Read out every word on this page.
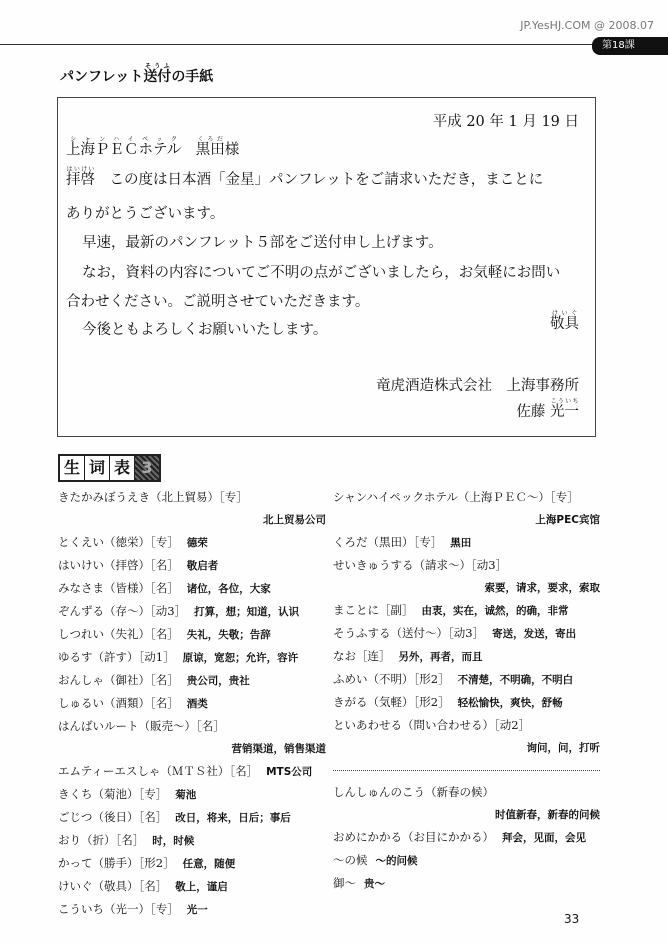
JP.YesHJ.COM @ 2008.07
第18課
パンフレット送付そうふの手紙
平成 20 年 1 月 19 日
上海ＰＥＣホテルシャンハイペック　黒田くろだ様
拝啓はいけい　この度は日本酒「金星」パンフレットをご請求いただき，まことに
ありがとうございます。
早速，最新のパンフレット５部をご送付申し上げます。
なお，資料の内容についてご不明の点がございましたら，お気軽にお問い
合わせください。ご説明させていただきます。
今後ともよろしくお願いいたします。	敬具けいぐ
竜虎酒造株式会社　上海事務所
佐藤 光一こういち
生 词 表 3
きたかみぼうえき（北上貿易）［专］
北上贸易公司
とくえい（徳栄）［专］ 德荣
はいけい（拝啓）［名］ 敬启者
みなさま（皆様）［名］ 诸位，各位，大家
ぞんずる（存～）［动3］ 打算，想；知道，认识
しつれい（失礼）［名］ 失礼，失敬；告辞
ゆるす（許す）［动1］ 原谅，宽恕；允许，容许
おんしゃ（御社）［名］ 贵公司，贵社
しゅるい（酒類）［名］ 酒类
はんばいルート（販売～）［名］
营销渠道，销售渠道
エムティーエスしゃ（ＭＴＳ社）［名］ MTS公司
きくち（菊池）［专］ 菊池
ごじつ（後日）［名］ 改日，将来，日后；事后
おり（折）［名］ 时，时候
かって（勝手）［形2］ 任意，随便
けいぐ（敬具）［名］ 敬上，谨启
こういち（光一）［专］ 光一
シャンハイペックホテル（上海ＰＥＣ～）［专］
上海PEC宾馆
くろだ（黒田）［专］ 黑田
せいきゅうする（請求～）［动3］
索要，请求，要求，索取
まことに［副］ 由衷，实在，诚然，的确，非常
そうふする（送付～）［动3］ 寄送，发送，寄出
なお［连］ 另外，再者，而且
ふめい（不明）［形2］ 不清楚，不明确，不明白
きがる（気軽）［形2］ 轻松愉快，爽快，舒畅
といあわせる（問い合わせる）［动2］
询问，问，打听
しんしゅんのこう（新春の候）
时值新春，新春的问候
おめにかかる（お目にかかる） 拜会，见面，会见
～の候 ～的问候
御～ 贵～
33
